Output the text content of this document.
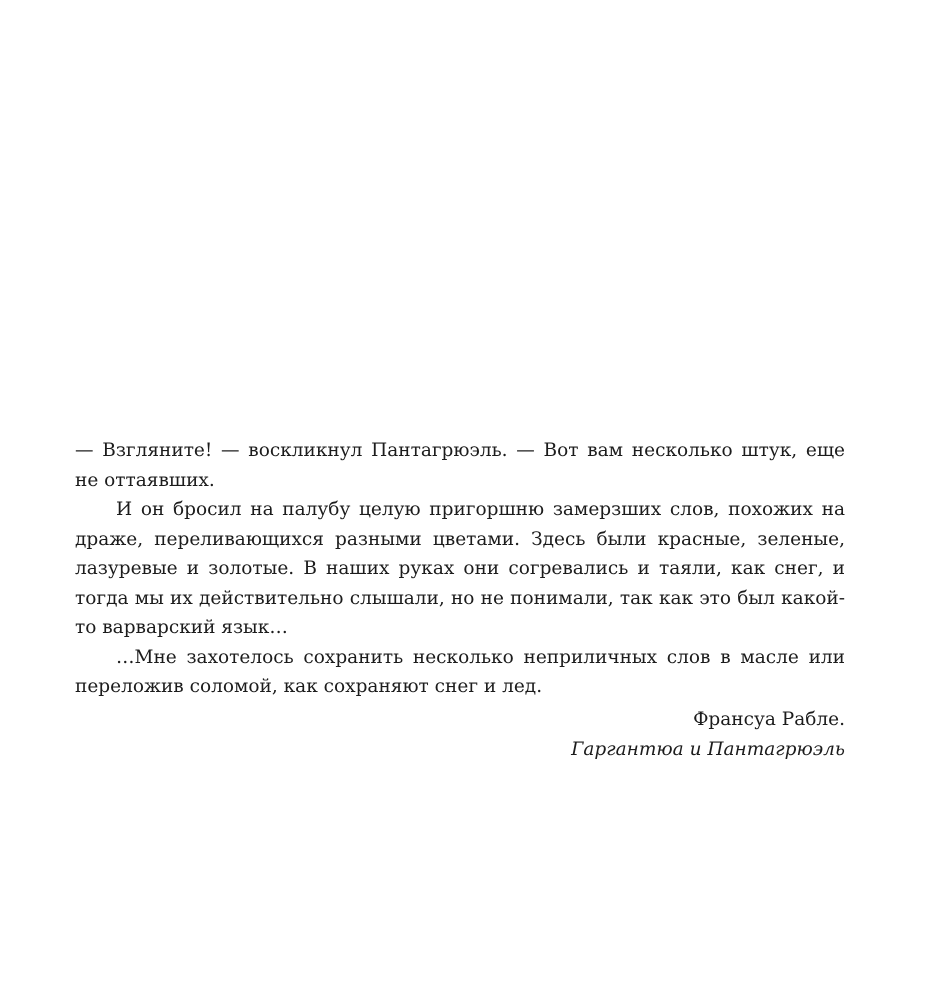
— Взгляните! — воскликнул Пантагрюэль. — Вот вам несколько штук, еще не оттаявших.

И он бросил на палубу целую пригоршню замерзших слов, похожих на драже, переливающихся разными цветами. Здесь были красные, зеленые, лазуревые и золотые. В наших руках они согревались и таяли, как снег, и тогда мы их действительно слышали, но не понимали, так как это был какой-то варварский язык…

…Мне захотелось сохранить несколько неприличных слов в масле или переложив соломой, как сохраняют снег и лед.

Франсуа Рабле.
Гаргантюа и Пантагрюэль
